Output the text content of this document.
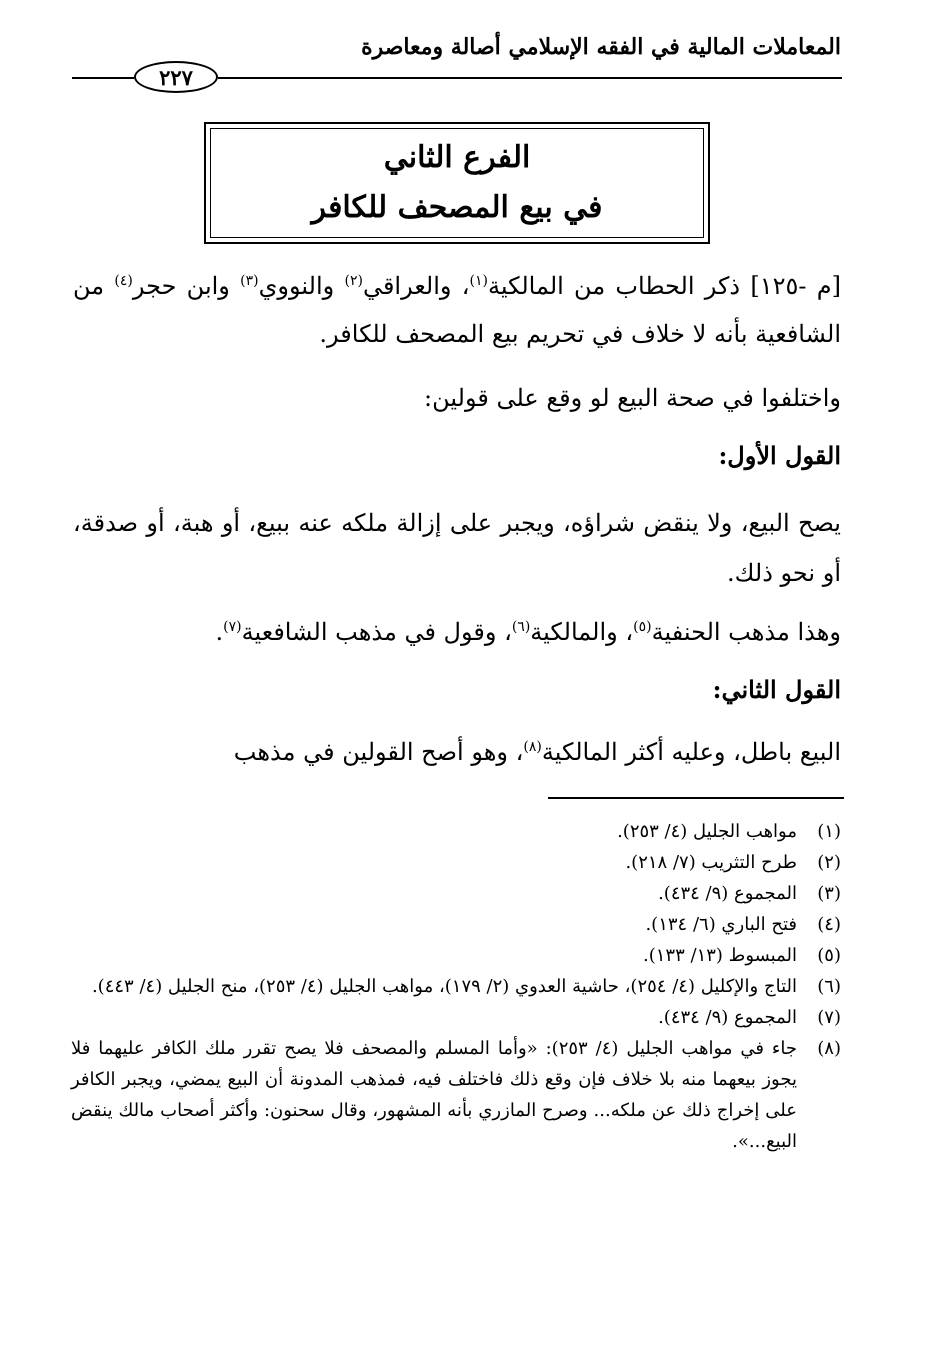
المعاملات المالية في الفقه الإسلامي أصالة ومعاصرة
٢٢٧
الفرع الثاني
في بيع المصحف للكافر
[م -١٢٥] ذكر الحطاب من المالكية$^{(١)}$، والعراقي$^{(٢)}$ والنووي$^{(٣)}$ وابن حجر$^{(٤)}$ من الشافعية بأنه لا خلاف في تحريم بيع المصحف للكافر.
واختلفوا في صحة البيع لو وقع على قولين:
القول الأول:
يصح البيع، ولا ينقض شراؤه، ويجبر على إزالة ملكه عنه ببيع، أو هبة، أو صدقة، أو نحو ذلك.
وهذا مذهب الحنفية$^{(٥)}$، والمالكية$^{(٦)}$، وقول في مذهب الشافعية$^{(٧)}$.
القول الثاني:
البيع باطل، وعليه أكثر المالكية$^{(٨)}$، وهو أصح القولين في مذهب
(١)
مواهب الجليل (٤/ ٢٥٣).
(٢)
طرح التثريب (٧/ ٢١٨).
(٣)
المجموع (٩/ ٤٣٤).
(٤)
فتح الباري (٦/ ١٣٤).
(٥)
المبسوط (١٣/ ١٣٣).
(٦)
التاج والإكليل (٤/ ٢٥٤)، حاشية العدوي (٢/ ١٧٩)، مواهب الجليل (٤/ ٢٥٣)، منح الجليل (٤/ ٤٤٣).
(٧)
المجموع (٩/ ٤٣٤).
(٨)
جاء في مواهب الجليل (٤/ ٢٥٣): «وأما المسلم والمصحف فلا يصح تقرر ملك الكافر عليهما فلا يجوز بيعهما منه بلا خلاف فإن وقع ذلك فاختلف فيه، فمذهب المدونة أن البيع يمضي، ويجبر الكافر على إخراج ذلك عن ملكه... وصرح المازري بأنه المشهور، وقال سحنون: وأكثر أصحاب مالك ينقض البيع...».
